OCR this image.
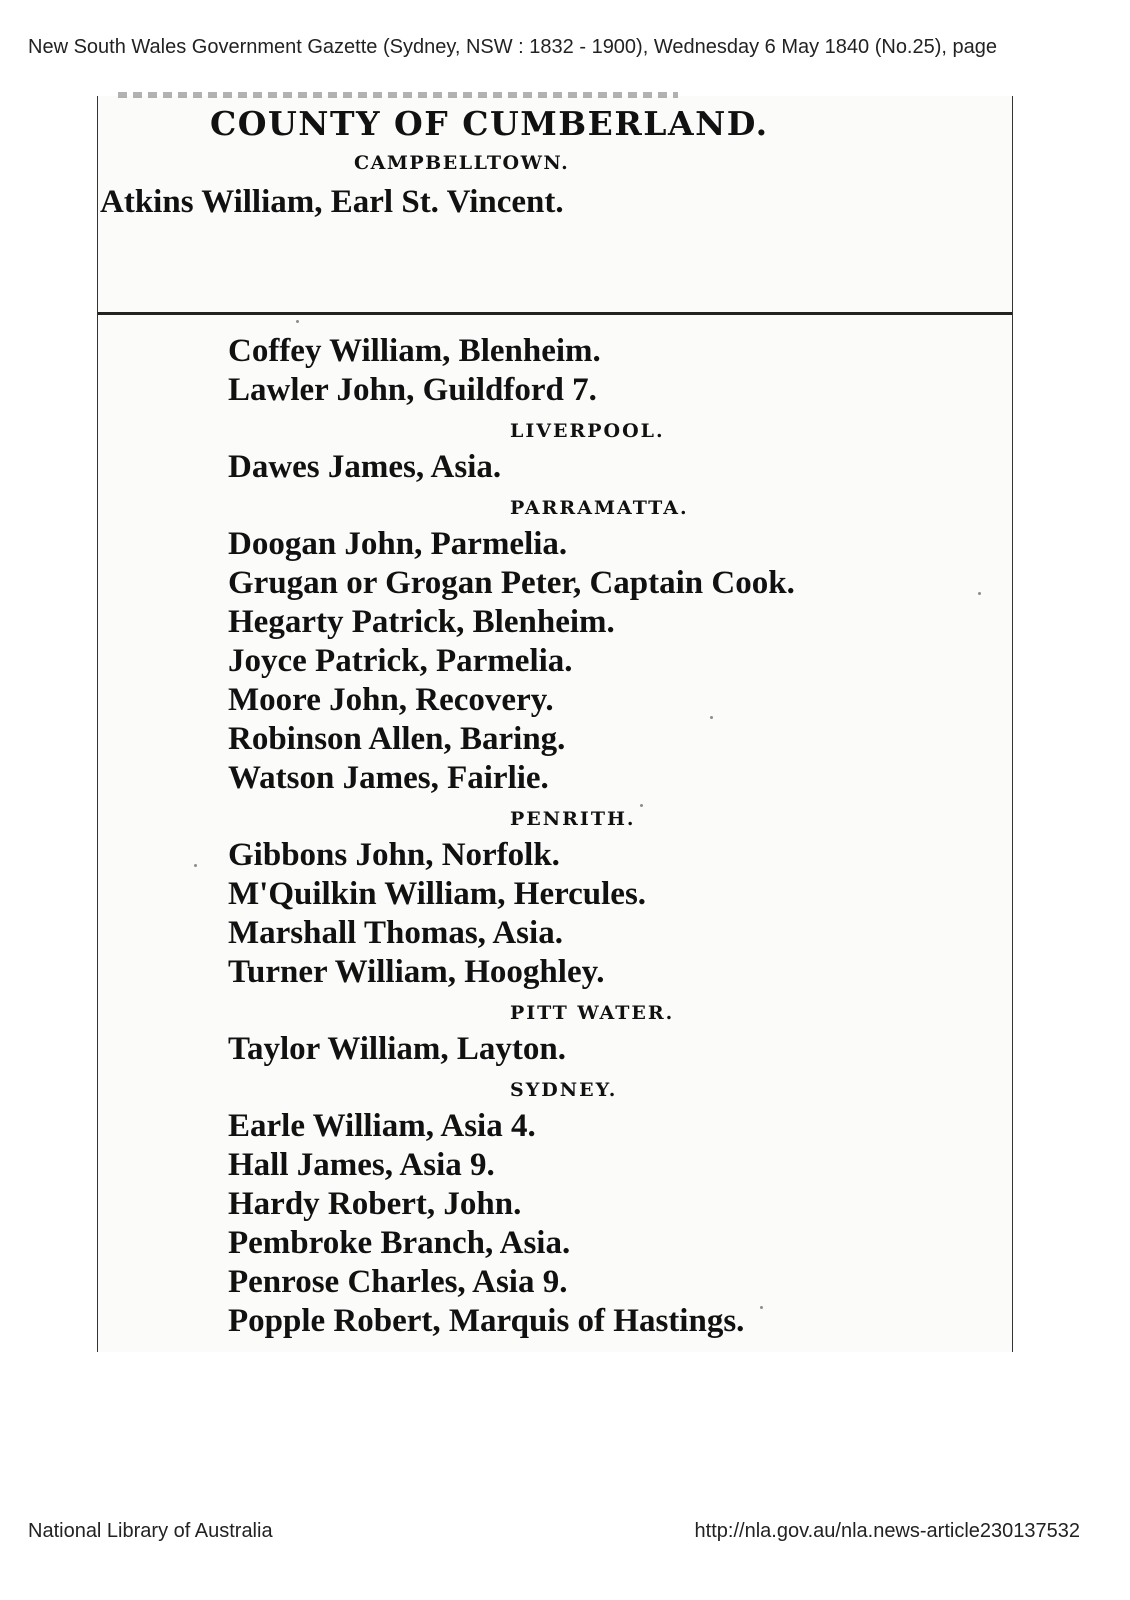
New South Wales Government Gazette (Sydney, NSW : 1832 - 1900), Wednesday 6 May 1840 (No.25), page
COUNTY OF CUMBERLAND.
CAMPBELLTOWN.
Atkins William, Earl St. Vincent.
Coffey William, Blenheim.
Lawler John, Guildford 7.
LIVERPOOL.
Dawes James, Asia.
PARRAMATTA.
Doogan John, Parmelia.
Grugan or Grogan Peter, Captain Cook.
Hegarty Patrick, Blenheim.
Joyce Patrick, Parmelia.
Moore John, Recovery.
Robinson Allen, Baring.
Watson James, Fairlie.
PENRITH.
Gibbons John, Norfolk.
M'Quilkin William, Hercules.
Marshall Thomas, Asia.
Turner William, Hooghley.
PITT WATER.
Taylor William, Layton.
SYDNEY.
Earle William, Asia 4.
Hall James, Asia 9.
Hardy Robert, John.
Pembroke Branch, Asia.
Penrose Charles, Asia 9.
Popple Robert, Marquis of Hastings.
National Library of Australia	http://nla.gov.au/nla.news-article230137532
